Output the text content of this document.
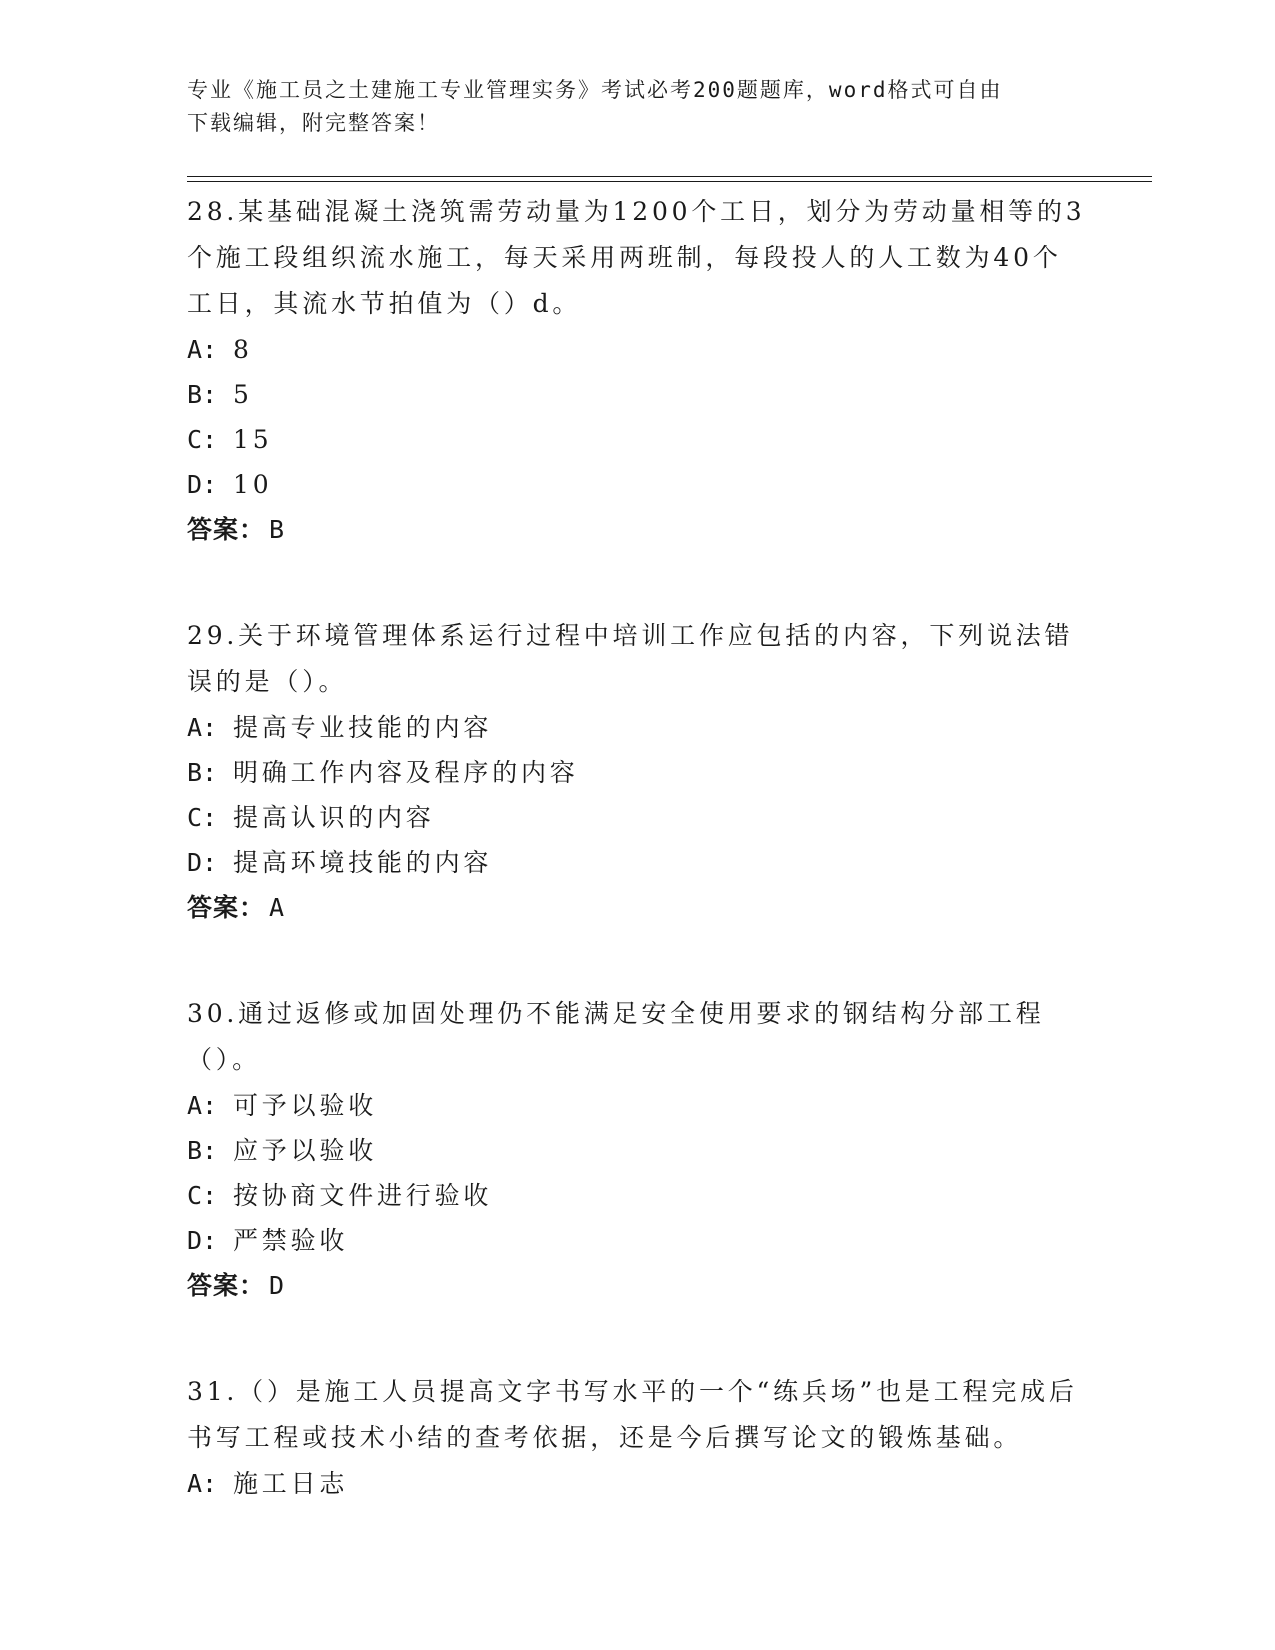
专业《施工员之土建施工专业管理实务》考试必考200题题库，word格式可自由

下载编辑，附完整答案！

28.某基础混凝土浇筑需劳动量为1200个工日，划分为劳动量相等的3个施工段组织流水施工，每天采用两班制，每段投人的人工数为40个工日，其流水节拍值为（）d。

A: 8

B: 5

C: 15

D: 10

答案： B

29.关于环境管理体系运行过程中培训工作应包括的内容，下列说法错误的是（）。

A: 提高专业技能的内容

B: 明确工作内容及程序的内容

C: 提高认识的内容

D: 提高环境技能的内容

答案： A

30.通过返修或加固处理仍不能满足安全使用要求的钢结构分部工程（）。

A: 可予以验收

B: 应予以验收

C: 按协商文件进行验收

D: 严禁验收

答案： D

31.（）是施工人员提高文字书写水平的一个“练兵场”也是工程完成后书写工程或技术小结的查考依据，还是今后撰写论文的锻炼基础。

A: 施工日志
